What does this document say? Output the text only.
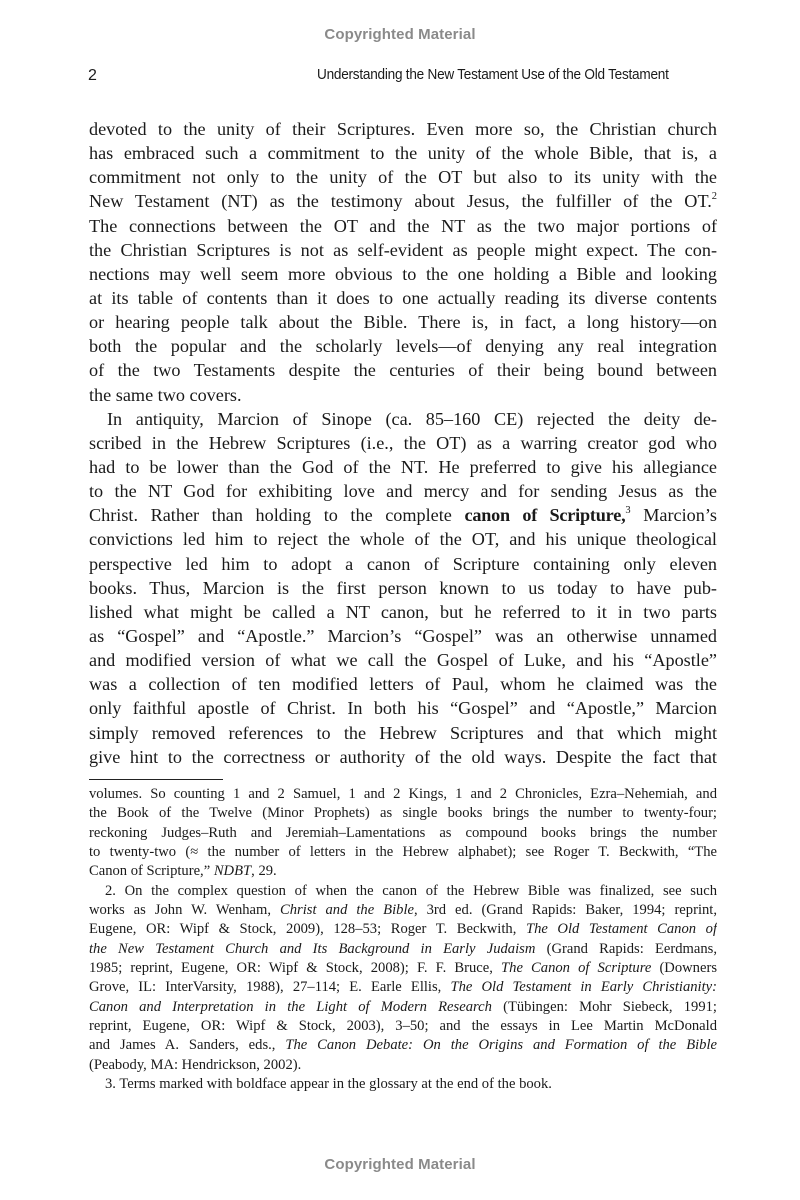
Copyrighted Material
2	Understanding the New Testament Use of the Old Testament
devoted to the unity of their Scriptures. Even more so, the Christian church
has embraced such a commitment to the unity of the whole Bible, that is, a
commitment not only to the unity of the OT but also to its unity with the
New Testament (NT) as the testimony about Jesus, the fulfiller of the OT.$^2$
The connections between the OT and the NT as the two major portions of
the Christian Scriptures is not as self-evident as people might expect. The con-
nections may well seem more obvious to the one holding a Bible and looking
at its table of contents than it does to one actually reading its diverse contents
or hearing people talk about the Bible. There is, in fact, a long history—on
both the popular and the scholarly levels—of denying any real integration
of the two Testaments despite the centuries of their being bound between
the same two covers.
In antiquity, Marcion of Sinope (ca. 85–160 CE) rejected the deity de-
scribed in the Hebrew Scriptures (i.e., the OT) as a warring creator god who
had to be lower than the God of the NT. He preferred to give his allegiance
to the NT God for exhibiting love and mercy and for sending Jesus as the
Christ. Rather than holding to the complete canon of Scripture,$^3$ Marcion’s
convictions led him to reject the whole of the OT, and his unique theological
perspective led him to adopt a canon of Scripture containing only eleven
books. Thus, Marcion is the first person known to us today to have pub-
lished what might be called a NT canon, but he referred to it in two parts
as “Gospel” and “Apostle.” Marcion’s “Gospel” was an otherwise unnamed
and modified version of what we call the Gospel of Luke, and his “Apostle”
was a collection of ten modified letters of Paul, whom he claimed was the
only faithful apostle of Christ. In both his “Gospel” and “Apostle,” Marcion
simply removed references to the Hebrew Scriptures and that which might
give hint to the correctness or authority of the old ways. Despite the fact that
volumes. So counting 1 and 2 Samuel, 1 and 2 Kings, 1 and 2 Chronicles, Ezra–Nehemiah, and
the Book of the Twelve (Minor Prophets) as single books brings the number to twenty-four;
reckoning Judges–Ruth and Jeremiah–Lamentations as compound books brings the number
to twenty-two (≈ the number of letters in the Hebrew alphabet); see Roger T. Beckwith, “The
Canon of Scripture,” NDBT, 29.
2. On the complex question of when the canon of the Hebrew Bible was finalized, see such
works as John W. Wenham, Christ and the Bible, 3rd ed. (Grand Rapids: Baker, 1994; reprint,
Eugene, OR: Wipf & Stock, 2009), 128–53; Roger T. Beckwith, The Old Testament Canon of
the New Testament Church and Its Background in Early Judaism (Grand Rapids: Eerdmans,
1985; reprint, Eugene, OR: Wipf & Stock, 2008); F. F. Bruce, The Canon of Scripture (Downers
Grove, IL: InterVarsity, 1988), 27–114; E. Earle Ellis, The Old Testament in Early Christianity:
Canon and Interpretation in the Light of Modern Research (Tübingen: Mohr Siebeck, 1991;
reprint, Eugene, OR: Wipf & Stock, 2003), 3–50; and the essays in Lee Martin McDonald
and James A. Sanders, eds., The Canon Debate: On the Origins and Formation of the Bible
(Peabody, MA: Hendrickson, 2002).
3. Terms marked with boldface appear in the glossary at the end of the book.
Copyrighted Material
